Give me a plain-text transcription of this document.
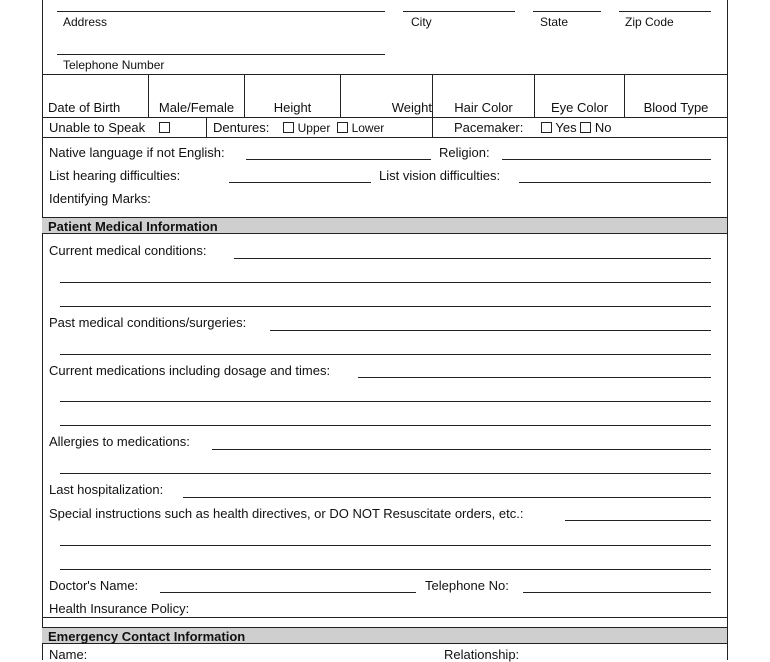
Address	City	State	Zip Code
Telephone Number
Date of Birth	Male/Female	Height	Weight	Hair Color	Eye Color	Blood Type
Unable to Speak	Dentures: Upper Lower	Pacemaker: Yes No
Native language if not English:	Religion:
List hearing difficulties:	List vision difficulties:
Identifying Marks:
Patient Medical Information
Current medical conditions:
Past medical conditions/surgeries:
Current medications including dosage and times:
Allergies to medications:
Last hospitalization:
Special instructions such as health directives, or DO NOT Resuscitate orders, etc.:
Doctor's Name:	Telephone No:
Health Insurance Policy:
Emergency Contact Information
Name:	Relationship:
